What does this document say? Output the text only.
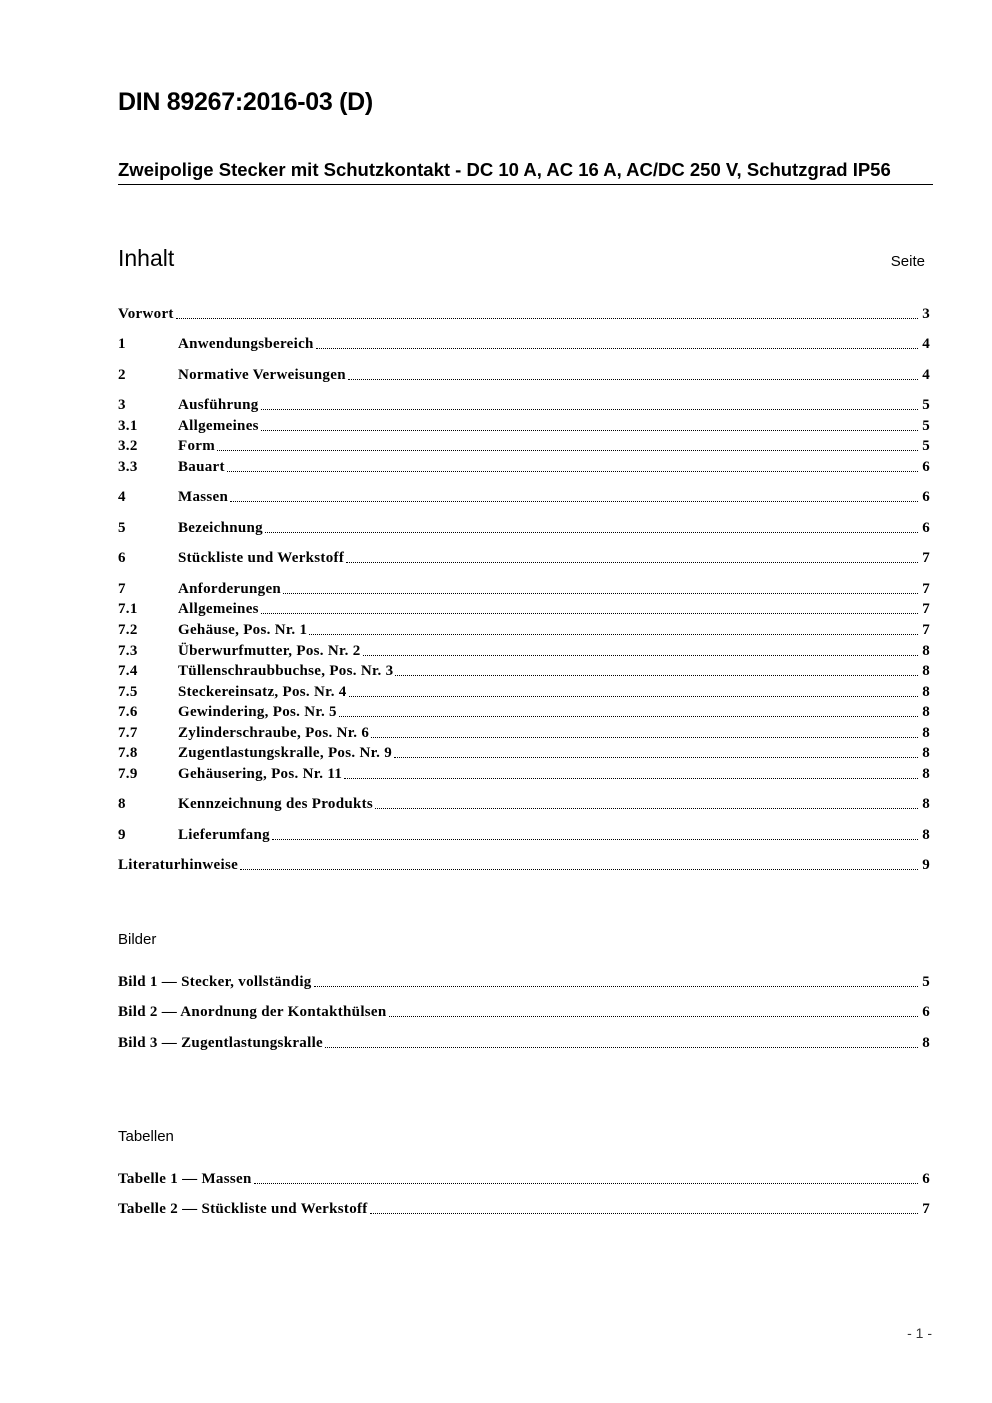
DIN 89267:2016-03 (D)
Zweipolige Stecker mit Schutzkontakt - DC 10 A, AC 16 A, AC/DC 250 V, Schutzgrad IP56
Inhalt	Seite
Vorwort	3
1	Anwendungsbereich	4
2	Normative Verweisungen	4
3	Ausführung	5
3.1	Allgemeines	5
3.2	Form	5
3.3	Bauart	6
4	Massen	6
5	Bezeichnung	6
6	Stückliste und Werkstoff	7
7	Anforderungen	7
7.1	Allgemeines	7
7.2	Gehäuse, Pos. Nr. 1	7
7.3	Überwurfmutter, Pos. Nr. 2	8
7.4	Tüllenschraubbuchse, Pos. Nr. 3	8
7.5	Steckereinsatz, Pos. Nr. 4	8
7.6	Gewindering, Pos. Nr. 5	8
7.7	Zylinderschraube, Pos. Nr. 6	8
7.8	Zugentlastungskralle, Pos. Nr. 9	8
7.9	Gehäusering, Pos. Nr. 11	8
8	Kennzeichnung des Produkts	8
9	Lieferumfang	8
Literaturhinweise	9
Bilder
Bild 1 — Stecker, vollständig	5
Bild 2 — Anordnung der Kontakthülsen	6
Bild 3 — Zugentlastungskralle	8
Tabellen
Tabelle 1 — Massen	6
Tabelle 2 — Stückliste und Werkstoff	7
- 1 -
